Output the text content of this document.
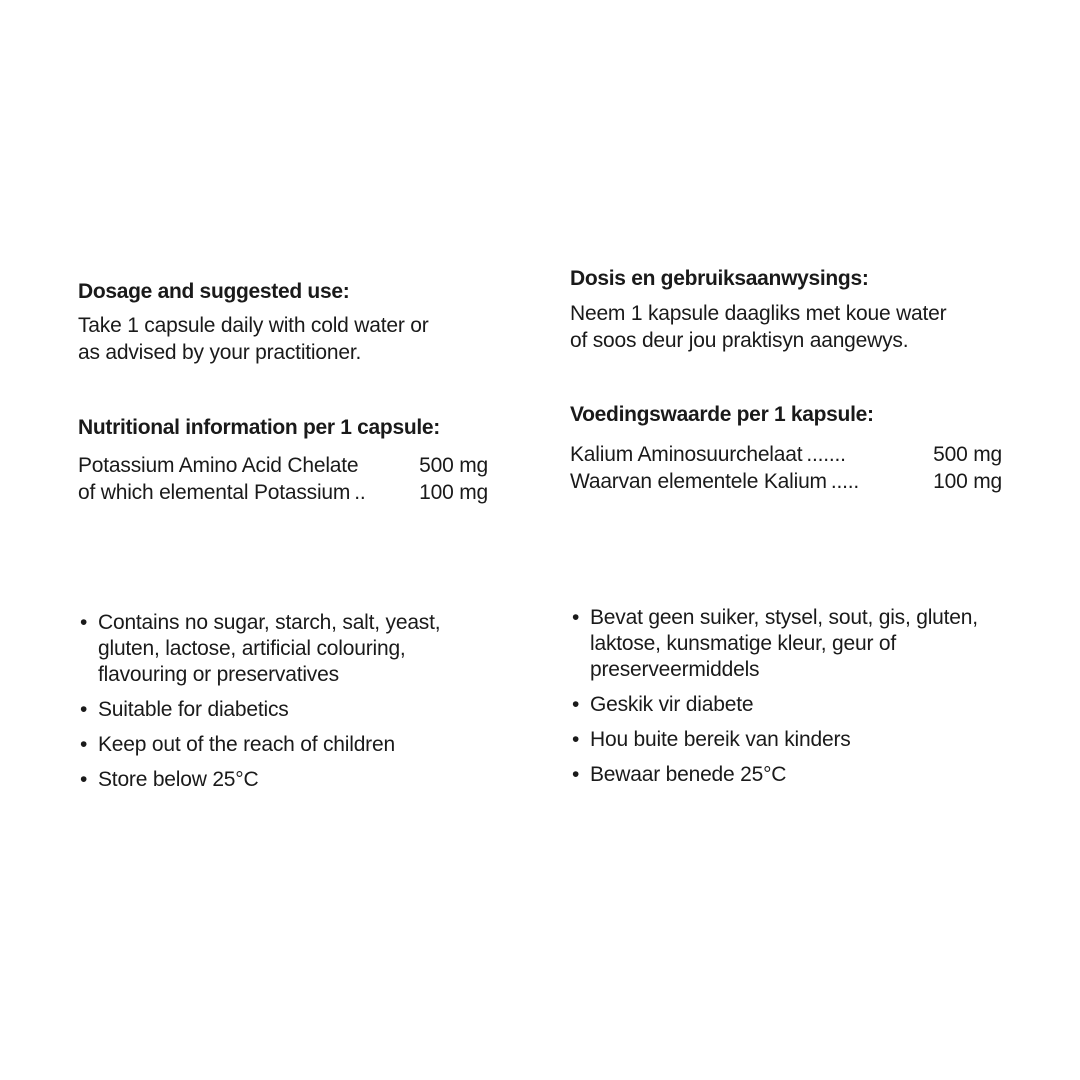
Dosage and suggested use:

Take 1 capsule daily with cold water or
as advised by your practitioner.

Nutritional information per 1 capsule:
Potassium Amino Acid Chelate	500 mg
of which elemental Potassium ..	100 mg
• Contains no sugar, starch, salt, yeast, gluten, lactose, artificial colouring, flavouring or preservatives
• Suitable for diabetics
• Keep out of the reach of children
• Store below 25°C
Dosis en gebruiksaanwysings:

Neem 1 kapsule daagliks met koue water
of soos deur jou praktisyn aangewys.

Voedingswaarde per 1 kapsule:
Kalium Aminosuurchelaat .......	500 mg
Waarvan elementele Kalium .....	100 mg
• Bevat geen suiker, stysel, sout, gis, gluten, laktose, kunsmatige kleur, geur of preserveermiddels
• Geskik vir diabete
• Hou buite bereik van kinders
• Bewaar benede 25°C
